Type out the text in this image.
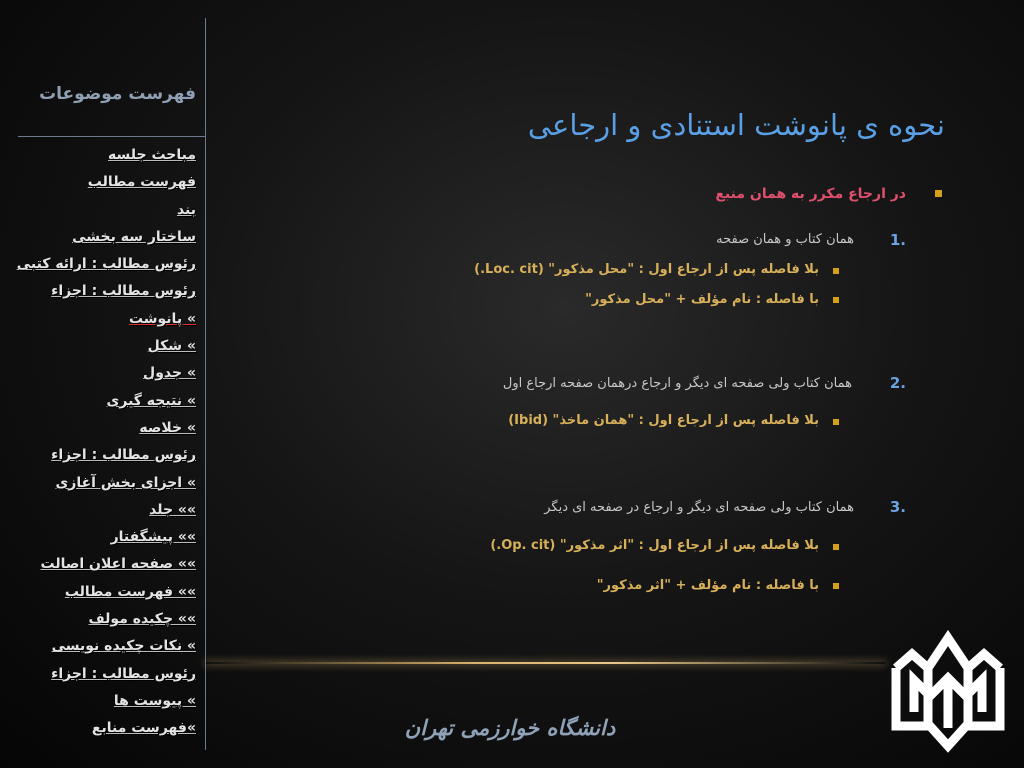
فهرست موضوعات
مباحث جلسه
فهرست مطالب
بند
ساختار سه بخشی
رئوس مطالب : ارائه کتبی
رئوس مطالب : اجزاء
» پانوشت
» شکل
» جدول
» نتیجه گیری
» خلاصه
رئوس مطالب : اجزاء
» اجزای بخش آغازی
»» جلد
»» پیشگفتار
»» صفحه اعلان اصالت
»» فهرست مطالب
»» چکیده مولف
» نکات چکیده نویسی
رئوس مطالب : اجزاء
» پیوست ها
»فهرست منابع
نحوه ی پانوشت استنادی و ارجاعی
در ارجاع مکرر به همان منبع
1.
همان کتاب و همان صفحه
بلا فاصله پس از ارجاع اول : "محل مذکور" (Loc. cit.)
با فاصله : نام مؤلف + "محل مذکور"
2.
همان کتاب ولی صفحه ای دیگر و ارجاع درهمان صفحه ارجاع اول
بلا فاصله پس از ارجاع اول : "همان ماخذ" (Ibid)
3.
همان کتاب ولی صفحه ای دیگر و ارجاع در صفحه ای دیگر
بلا فاصله پس از ارجاع اول : "اثر مذکور" (Op. cit.)
با فاصله : نام مؤلف + "اثر مذکور"
دانشگاه خوارزمی تهران
